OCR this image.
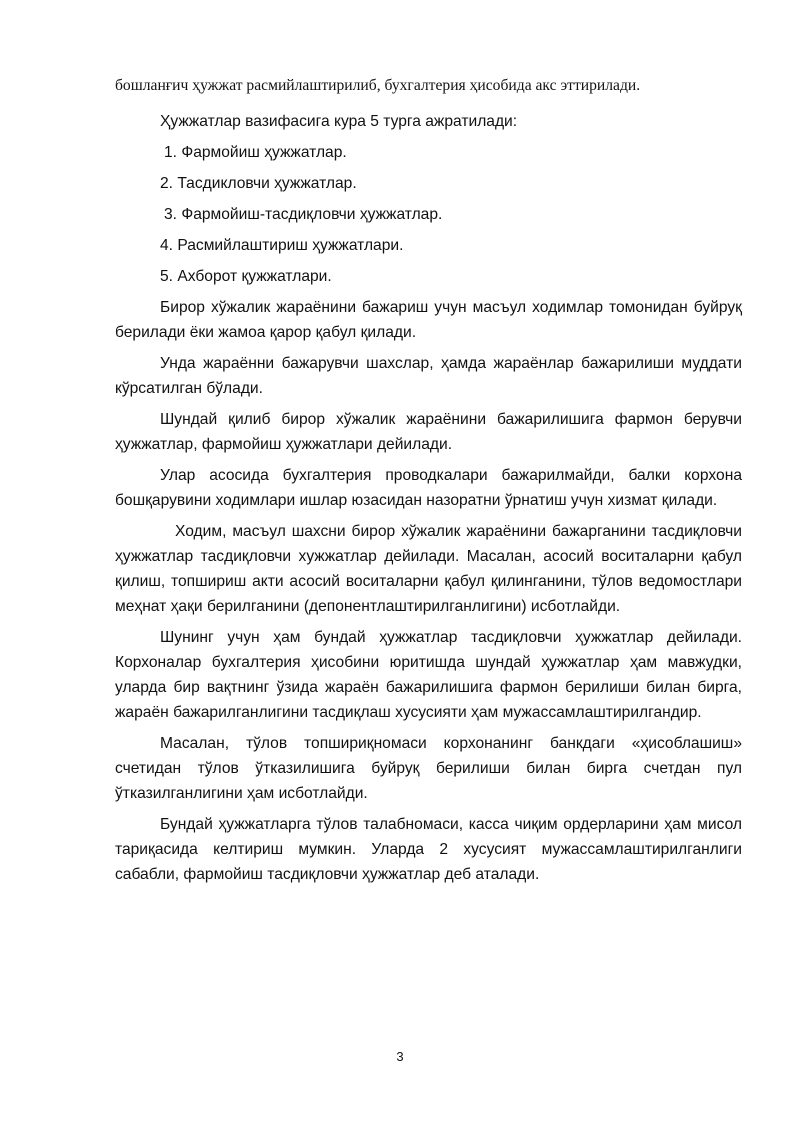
бошланғич ҳужжат расмийлаштирилиб, бухгалтерия ҳисобида акс эттирилади.

Ҳужжатлар вазифасига кура 5 турга ажратилади:

1. Фармойиш ҳужжатлар.

2. Тасдикловчи ҳужжатлар.

3. Фармойиш-тасдиқловчи ҳужжатлар.

4. Расмийлаштириш ҳужжатлари.

5. Ахборот қужжатлари.

Бирор хўжалик жараёнини бажариш учун масъул ходимлар томонидан буйруқ берилади ёки жамоа қарор қабул қилади.

Унда жараённи бажарувчи шахслар, ҳамда жараёнлар бажарилиши муддати кўрсатилган бўлади.

Шундай қилиб бирор хўжалик жараёнини бажарилишига фармон берувчи ҳужжатлар, фармойиш ҳужжатлари дейилади.

Улар асосида бухгалтерия проводкалари бажарилмайди, балки корхона бошқарувини ходимлари ишлар юзасидан назоратни ўрнатиш учун хизмат қилади.

Ходим, масъул шахсни бирор хўжалик жараёнини бажарганини тасдиқловчи ҳужжатлар тасдиқловчи хужжатлар дейилади. Масалан, асосий воситаларни қабул қилиш, топшириш акти асосий воситаларни қабул қилинганини, тўлов ведомостлари меҳнат ҳақи берилганини (депонентлаштирилганлигини) исботлайди.

Шунинг учун ҳам бундай ҳужжатлар тасдиқловчи ҳужжатлар дейилади. Корхоналар бухгалтерия ҳисобини юритишда шундай ҳужжатлар ҳам мавжудки, уларда бир вақтнинг ўзида жараён бажарилишига фармон берилиши билан бирга, жараён бажарилганлигини тасдиқлаш хусусияти ҳам мужассамлаштирилгандир.

Масалан, тўлов топшириқномаси корхонанинг банкдаги «ҳисоблашиш» счетидан тўлов ўтказилишига буйруқ берилиши билан бирга счетдан пул ўтказилганлигини ҳам исботлайди.

Бундай ҳужжатларга тўлов талабномаси, касса чиқим ордерларини ҳам мисол тариқасида келтириш мумкин. Уларда 2 хусусият мужассамлаштирилганлиги сабабли, фармойиш тасдиқловчи ҳужжатлар деб аталади.

3
